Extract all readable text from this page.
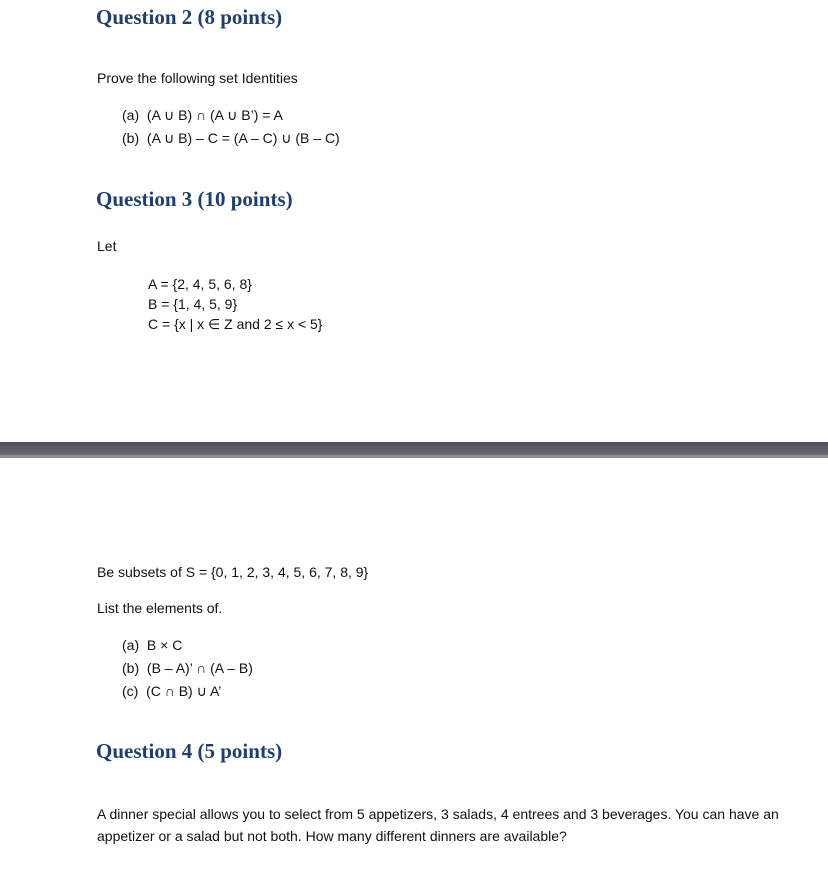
Question 2 (8 points)
Prove the following set Identities
(a) (A ∪ B) ∩ (A ∪ B’) = A
(b) (A ∪ B) – C = (A – C) ∪ (B – C)
Question 3 (10 points)
Let
A = {2, 4, 5, 6, 8}
B = {1, 4, 5, 9}
C = {x | x ∈ Z and 2 ≤ x < 5}
Be subsets of S = {0, 1, 2, 3, 4, 5, 6, 7, 8, 9}
List the elements of.
(a) B × C
(b) (B – A)’ ∩ (A – B)
(c) (C ∩ B) ∪ A’
Question 4 (5 points)
A dinner special allows you to select from 5 appetizers, 3 salads, 4 entrees and 3 beverages. You can have an appetizer or a salad but not both. How many different dinners are available?
